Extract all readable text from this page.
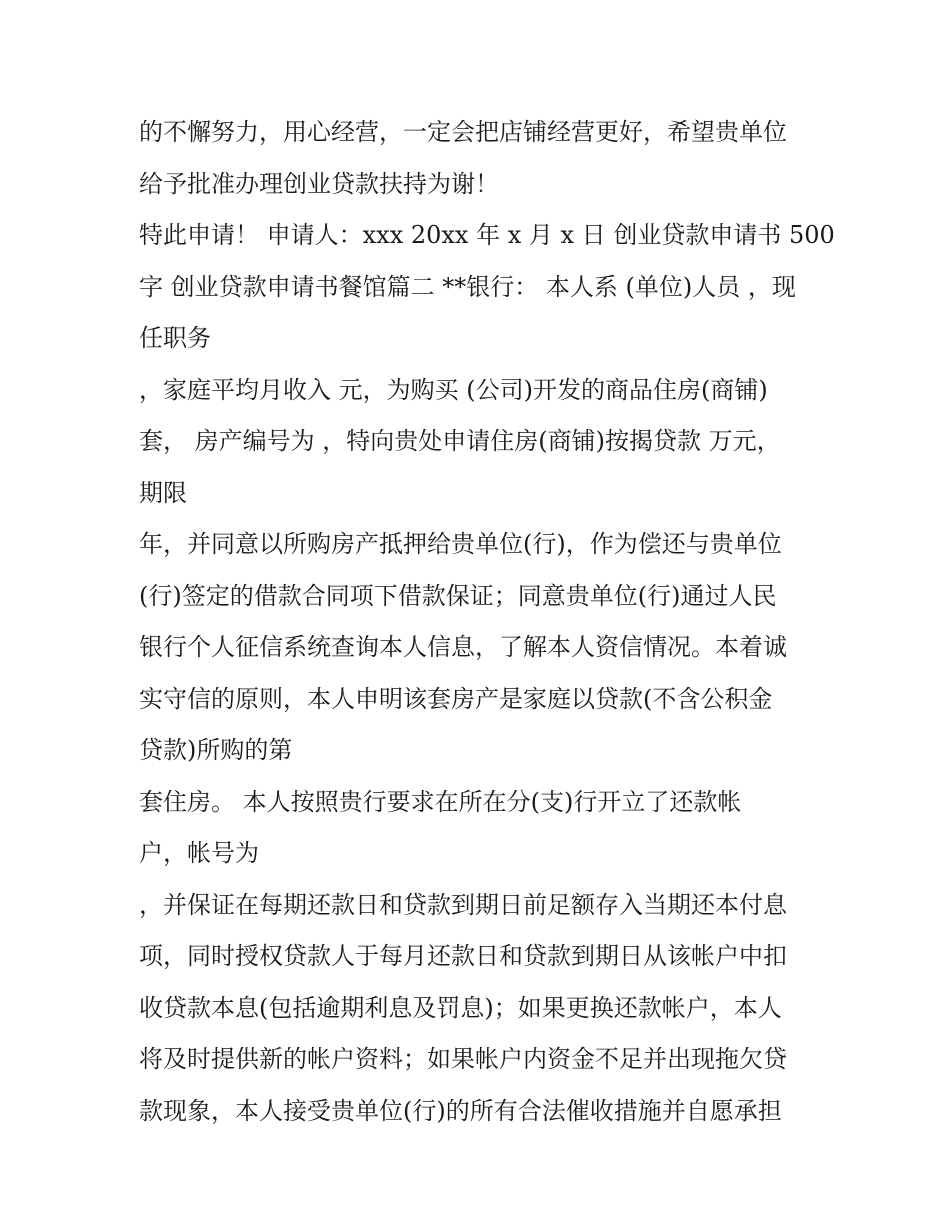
的不懈努力，用心经营，一定会把店铺经营更好，希望贵单位
给予批准办理创业贷款扶持为谢！
特此申请！ 申请人：xxx 20xx 年 x 月 x 日 创业贷款申请书 500
字 创业贷款申请书餐馆篇二 **银行： 本人系 (单位)人员 ，现
任职务
，家庭平均月收入 元，为购买 (公司)开发的商品住房(商铺)
套， 房产编号为 ，特向贵处申请住房(商铺)按揭贷款 万元，
期限
年，并同意以所购房产抵押给贵单位(行)，作为偿还与贵单位
(行)签定的借款合同项下借款保证；同意贵单位(行)通过人民
银行个人征信系统查询本人信息，了解本人资信情况。本着诚
实守信的原则，本人申明该套房产是家庭以贷款(不含公积金
贷款)所购的第
套住房。 本人按照贵行要求在所在分(支)行开立了还款帐
户，帐号为
，并保证在每期还款日和贷款到期日前足额存入当期还本付息
项，同时授权贷款人于每月还款日和贷款到期日从该帐户中扣
收贷款本息(包括逾期利息及罚息)；如果更换还款帐户，本人
将及时提供新的帐户资料；如果帐户内资金不足并出现拖欠贷
款现象，本人接受贵单位(行)的所有合法催收措施并自愿承担
